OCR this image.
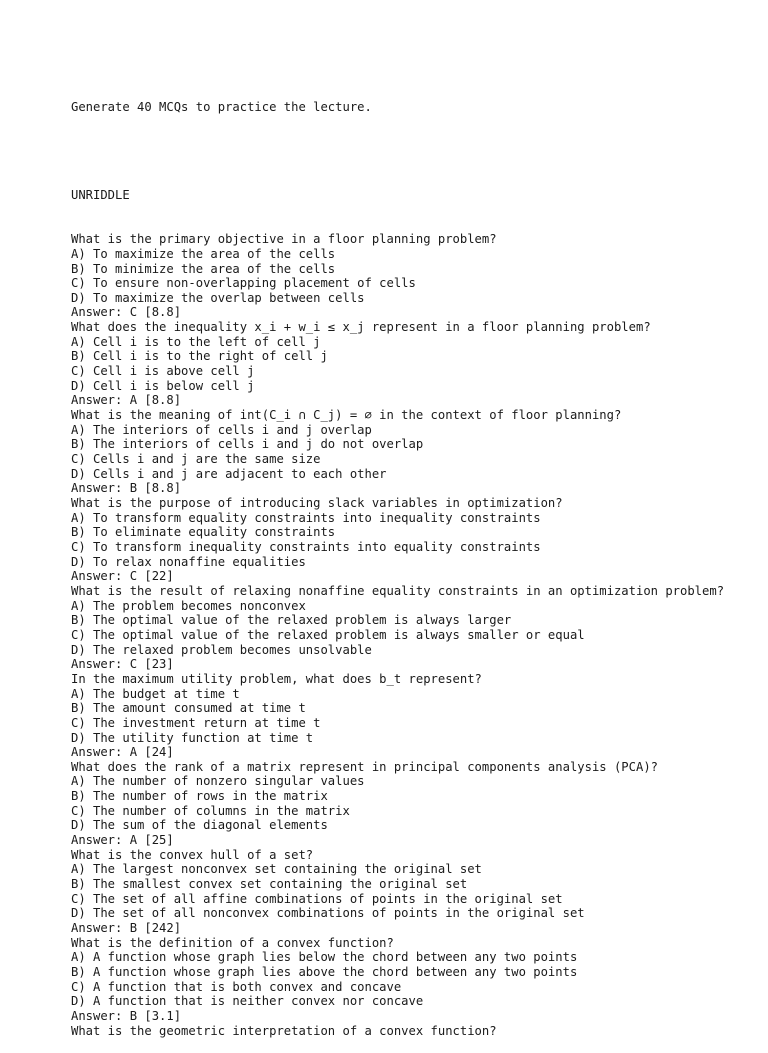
Generate 40 MCQs to practice the lecture.

UNRIDDLE

What is the primary objective in a floor planning problem?
A) To maximize the area of the cells
B) To minimize the area of the cells
C) To ensure non-overlapping placement of cells
D) To maximize the overlap between cells
Answer: C [8.8]
What does the inequality x_i + w_i ≤ x_j represent in a floor planning problem?
A) Cell i is to the left of cell j
B) Cell i is to the right of cell j
C) Cell i is above cell j
D) Cell i is below cell j
Answer: A [8.8]
What is the meaning of int(C_i ∩ C_j) = ∅ in the context of floor planning?
A) The interiors of cells i and j overlap
B) The interiors of cells i and j do not overlap
C) Cells i and j are the same size
D) Cells i and j are adjacent to each other
Answer: B [8.8]
What is the purpose of introducing slack variables in optimization?
A) To transform equality constraints into inequality constraints
B) To eliminate equality constraints
C) To transform inequality constraints into equality constraints
D) To relax nonaffine equalities
Answer: C [22]
What is the result of relaxing nonaffine equality constraints in an optimization problem?
A) The problem becomes nonconvex
B) The optimal value of the relaxed problem is always larger
C) The optimal value of the relaxed problem is always smaller or equal
D) The relaxed problem becomes unsolvable
Answer: C [23]
In the maximum utility problem, what does b_t represent?
A) The budget at time t
B) The amount consumed at time t
C) The investment return at time t
D) The utility function at time t
Answer: A [24]
What does the rank of a matrix represent in principal components analysis (PCA)?
A) The number of nonzero singular values
B) The number of rows in the matrix
C) The number of columns in the matrix
D) The sum of the diagonal elements
Answer: A [25]
What is the convex hull of a set?
A) The largest nonconvex set containing the original set
B) The smallest convex set containing the original set
C) The set of all affine combinations of points in the original set
D) The set of all nonconvex combinations of points in the original set
Answer: B [242]
What is the definition of a convex function?
A) A function whose graph lies below the chord between any two points
B) A function whose graph lies above the chord between any two points
C) A function that is both convex and concave
D) A function that is neither convex nor concave
Answer: B [3.1]
What is the geometric interpretation of a convex function?
